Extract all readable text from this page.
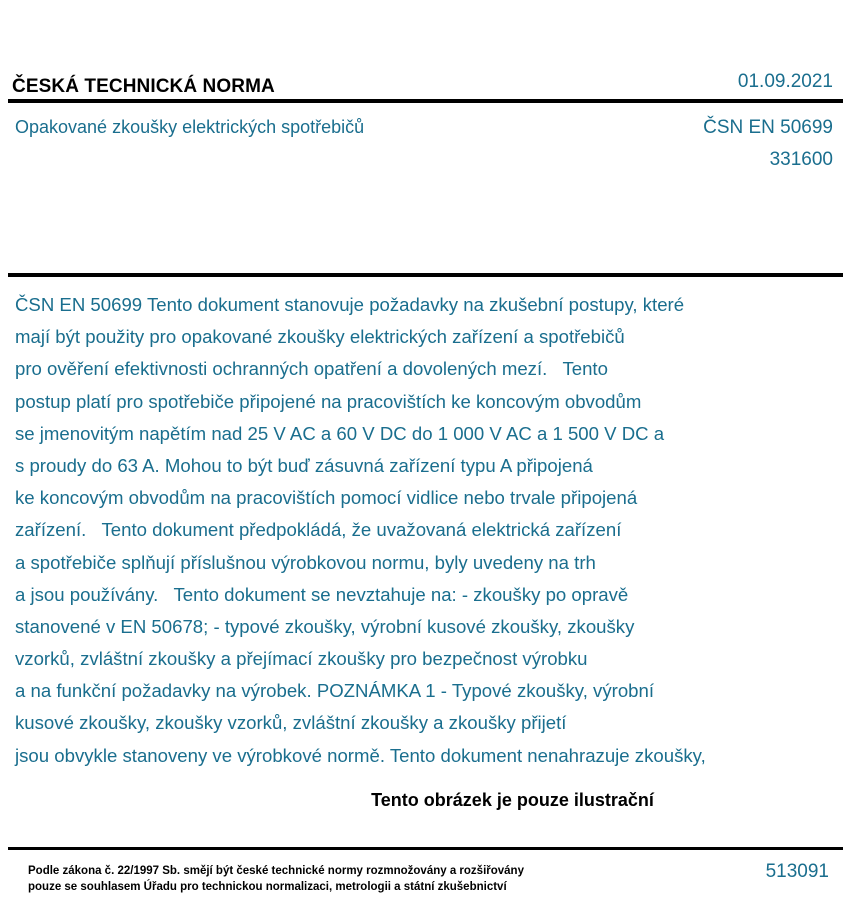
ČESKÁ TECHNICKÁ NORMA	01.09.2021
Opakované zkoušky elektrických spotřebičů	ČSN EN 50699
331600
ČSN EN 50699 Tento dokument stanovuje požadavky na zkušební postupy, které
mají být použity pro opakované zkoušky elektrických zařízení a spotřebičů
pro ověření efektivnosti ochranných opatření a dovolených mezí.   Tento
postup platí pro spotřebiče připojené na pracovištích ke koncovým obvodům
se jmenovitým napětím nad 25 V AC a 60 V DC do 1 000 V AC a 1 500 V DC a
s proudy do 63 A. Mohou to být buď zásuvná zařízení typu A připojená
ke koncovým obvodům na pracovištích pomocí vidlice nebo trvale připojená
zařízení.   Tento dokument předpokládá, že uvažovaná elektrická zařízení
a spotřebiče splňují příslušnou výrobkovou normu, byly uvedeny na trh
a jsou používány.   Tento dokument se nevztahuje na: - zkoušky po opravě
stanovené v EN 50678; - typové zkoušky, výrobní kusové zkoušky, zkoušky
vzorků, zvláštní zkoušky a přejímací zkoušky pro bezpečnost výrobku
a na funkční požadavky na výrobek. POZNÁMKA 1 - Typové zkoušky, výrobní
kusové zkoušky, zkoušky vzorků, zvláštní zkoušky a zkoušky přijetí
jsou obvykle stanoveny ve výrobkové normě. Tento dokument nenahrazuje zkoušky,
Tento obrázek je pouze ilustrační
Podle zákona č. 22/1997 Sb. smějí být české technické normy rozmnožovány a rozšiřovány
pouze se souhlasem Úřadu pro technickou normalizaci, metrologii a státní zkušebnictví
513091
